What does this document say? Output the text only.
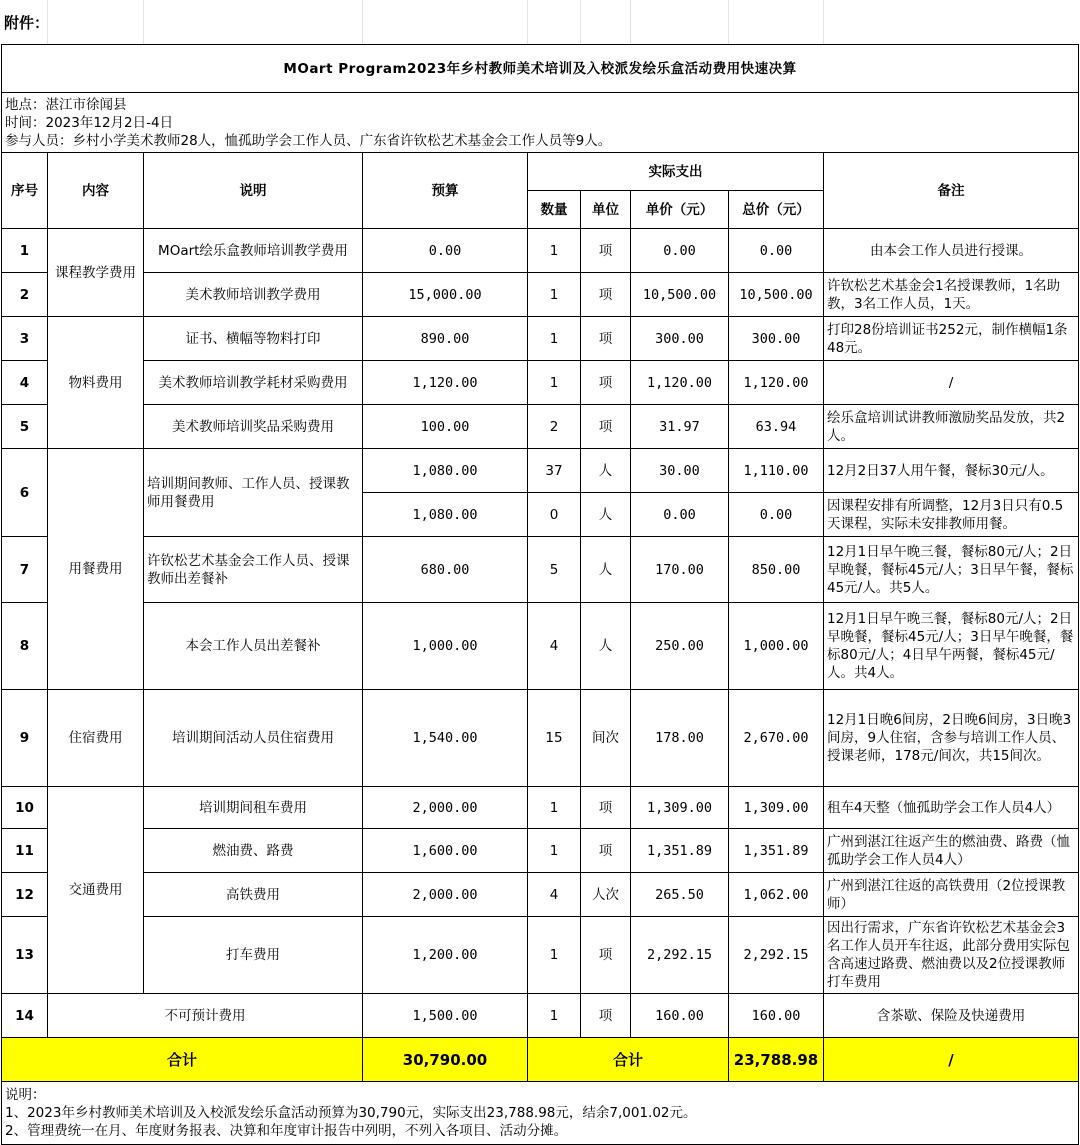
附件：
MOart Program2023年乡村教师美术培训及入校派发绘乐盒活动费用快速决算								

地点：湛江市徐闻县
时间：2023年12月2日-4日
参与人员：乡村小学美术教师28人，恤孤助学会工作人员、广东省许钦松艺术基金会工作人员等9人。								

序号	内容	说明	预算	实际支出				备注
				数量	单位	单价（元）	总价（元）	
1	课程教学费用	MOart绘乐盒教师培训教学费用	0.00	1	项	0.00	0.00	由本会工作人员进行授课。
2		美术教师培训教学费用	15,000.00	1	项	10,500.00	10,500.00	许钦松艺术基金会1名授课教师，1名助教，3名工作人员，1天。
3	物料费用	证书、横幅等物料打印	890.00	1	项	300.00	300.00	打印28份培训证书252元，制作横幅1条48元。
4		美术教师培训教学耗材采购费用	1,120.00	1	项	1,120.00	1,120.00	/
5		美术教师培训奖品采购费用	100.00	2	项	31.97	63.94	绘乐盒培训试讲教师激励奖品发放，共2人。
6	用餐费用	培训期间教师、工作人员、授课教师用餐费用	1,080.00	37	人	30.00	1,110.00	12月2日37人用午餐，餐标30元/人。
			1,080.00	0	人	0.00	0.00	因课程安排有所调整，12月3日只有0.5天课程，实际未安排教师用餐。
7		许钦松艺术基金会工作人员、授课教师出差餐补	680.00	5	人	170.00	850.00	12月1日早午晚三餐，餐标80元/人；2日早晚餐，餐标45元/人；3日早午餐，餐标45元/人。共5人。
8		本会工作人员出差餐补	1,000.00	4	人	250.00	1,000.00	12月1日早午晚三餐，餐标80元/人；2日早晚餐，餐标45元/人；3日早午晚餐，餐标80元/人；4日早午两餐，餐标45元/人。共4人。
9	住宿费用	培训期间活动人员住宿费用	1,540.00	15	间次	178.00	2,670.00	12月1日晚6间房，2日晚6间房，3日晚3间房，9人住宿，含参与培训工作人员、授课老师，178元/间次，共15间次。
10	交通费用	培训期间租车费用	2,000.00	1	项	1,309.00	1,309.00	租车4天整（恤孤助学会工作人员4人）
11		燃油费、路费	1,600.00	1	项	1,351.89	1,351.89	广州到湛江往返产生的燃油费、路费（恤孤助学会工作人员4人）
12		高铁费用	2,000.00	4	人次	265.50	1,062.00	广州到湛江往返的高铁费用（2位授课教师）
13		打车费用	1,200.00	1	项	2,292.15	2,292.15	因出行需求，广东省许钦松艺术基金会3名工作人员开车往返，此部分费用实际包含高速过路费、燃油费以及2位授课教师打车费用
14	不可预计费用		1,500.00	1	项	160.00	160.00	含茶歇、保险及快递费用
合计			30,790.00	合计			23,788.98	/

说明：
1、2023年乡村教师美术培训及入校派发绘乐盒活动预算为30,790元，实际支出23,788.98元，结余7,001.02元。
2、管理费统一在月、年度财务报表、决算和年度审计报告中列明，不列入各项目、活动分摊。								
